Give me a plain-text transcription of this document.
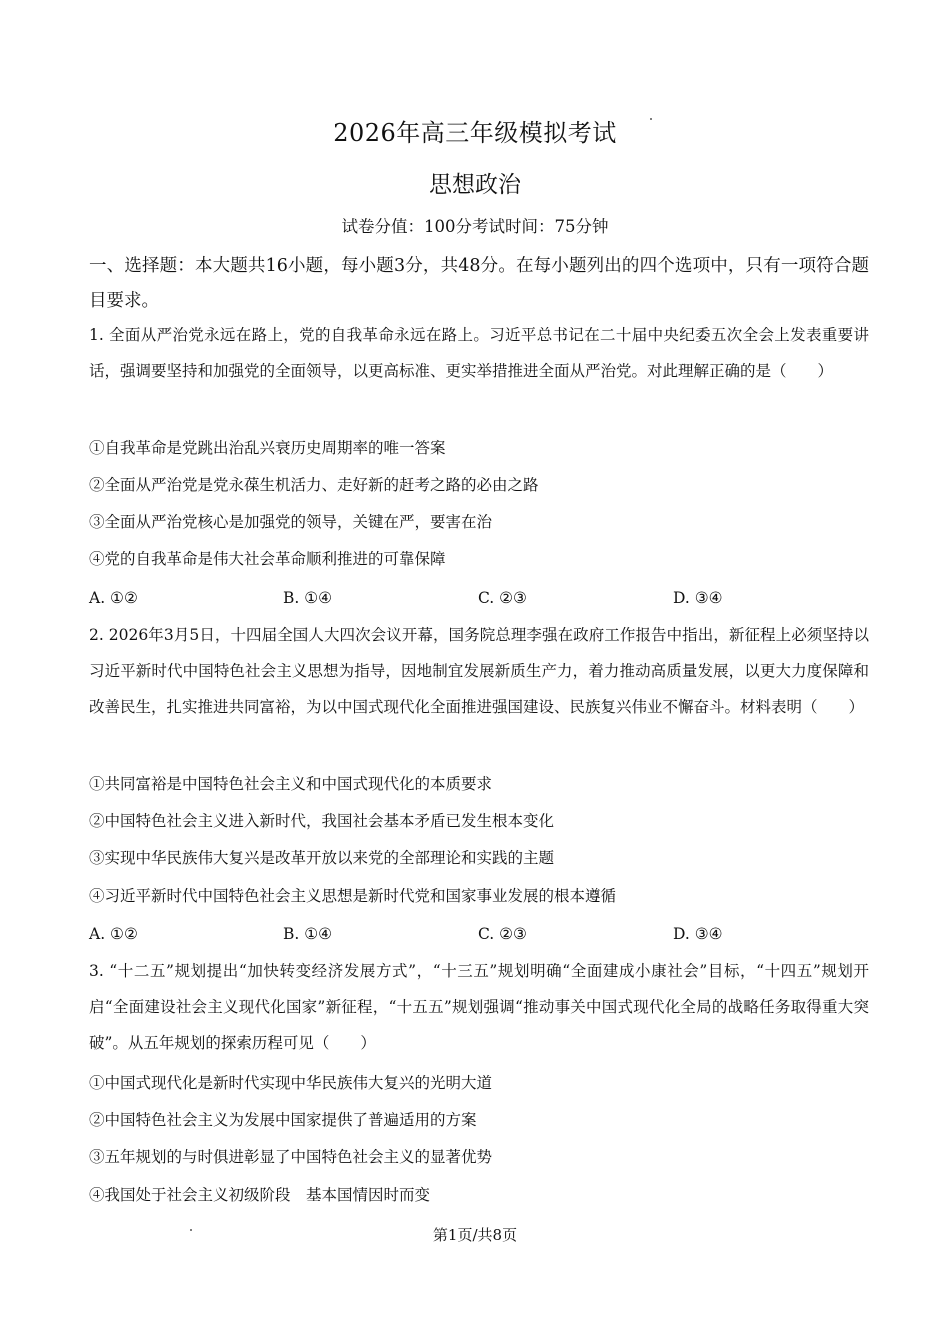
2026年高三年级模拟考试
思想政治
试卷分值：100分考试时间：75分钟
一、选择题：本大题共16小题，每小题3分，共48分。在每小题列出的四个选项中，只有一项符合题目要求。
1. 全面从严治党永远在路上，党的自我革命永远在路上。习近平总书记在二十届中央纪委五次全会上发表重要讲话，强调要坚持和加强党的全面领导，以更高标准、更实举措推进全面从严治党。对此理解正确的是（　　）
①自我革命是党跳出治乱兴衰历史周期率的唯一答案
②全面从严治党是党永葆生机活力、走好新的赶考之路的必由之路
③全面从严治党核心是加强党的领导，关键在严，要害在治
④党的自我革命是伟大社会革命顺利推进的可靠保障
A. ①②	B. ①④	C. ②③	D. ③④
2. 2026年3月5日，十四届全国人大四次会议开幕，国务院总理李强在政府工作报告中指出，新征程上必须坚持以习近平新时代中国特色社会主义思想为指导，因地制宜发展新质生产力，着力推动高质量发展，以更大力度保障和改善民生，扎实推进共同富裕，为以中国式现代化全面推进强国建设、民族复兴伟业不懈奋斗。材料表明（　　）
①共同富裕是中国特色社会主义和中国式现代化的本质要求
②中国特色社会主义进入新时代，我国社会基本矛盾已发生根本变化
③实现中华民族伟大复兴是改革开放以来党的全部理论和实践的主题
④习近平新时代中国特色社会主义思想是新时代党和国家事业发展的根本遵循
A. ①②	B. ①④	C. ②③	D. ③④
3. “十二五”规划提出“加快转变经济发展方式”，“十三五”规划明确“全面建成小康社会”目标，“十四五”规划开启“全面建设社会主义现代化国家”新征程，“十五五”规划强调“推动事关中国式现代化全局的战略任务取得重大突破”。从五年规划的探索历程可见（　　）
①中国式现代化是新时代实现中华民族伟大复兴的光明大道
②中国特色社会主义为发展中国家提供了普遍适用的方案
③五年规划的与时俱进彰显了中国特色社会主义的显著优势
④我国处于社会主义初级阶段　基本国情因时而变
第1页/共8页
